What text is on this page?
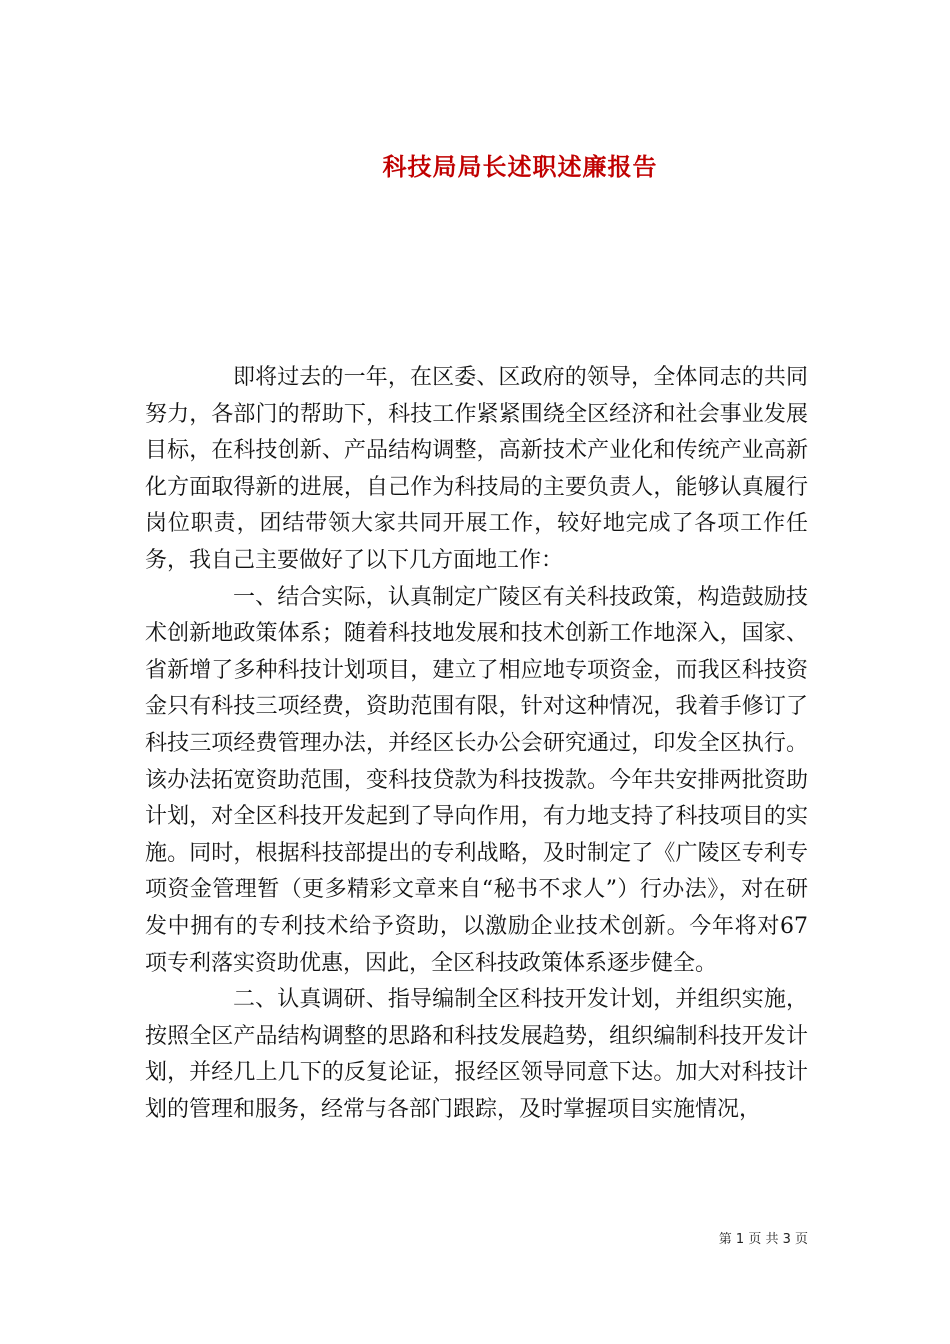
科技局局长述职述廉报告

即将过去的一年，在区委、区政府的领导，全体同志的共同努力，各部门的帮助下，科技工作紧紧围绕全区经济和社会事业发展目标，在科技创新、产品结构调整，高新技术产业化和传统产业高新化方面取得新的进展，自己作为科技局的主要负责人，能够认真履行岗位职责，团结带领大家共同开展工作，较好地完成了各项工作任务，我自己主要做好了以下几方面地工作：

一、结合实际，认真制定广陵区有关科技政策，构造鼓励技术创新地政策体系；随着科技地发展和技术创新工作地深入，国家、省新增了多种科技计划项目，建立了相应地专项资金，而我区科技资金只有科技三项经费，资助范围有限，针对这种情况，我着手修订了科技三项经费管理办法，并经区长办公会研究通过，印发全区执行。该办法拓宽资助范围，变科技贷款为科技拨款。今年共安排两批资助计划，对全区科技开发起到了导向作用，有力地支持了科技项目的实施。同时，根据科技部提出的专利战略，及时制定了《广陵区专利专项资金管理暂（更多精彩文章来自“秘书不求人”）行办法》，对在研发中拥有的专利技术给予资助，以激励企业技术创新。今年将对67项专利落实资助优惠，因此，全区科技政策体系逐步健全。

二、认真调研、指导编制全区科技开发计划，并组织实施，按照全区产品结构调整的思路和科技发展趋势，组织编制科技开发计划，并经几上几下的反复论证，报经区领导同意下达。加大对科技计划的管理和服务，经常与各部门跟踪，及时掌握项目实施情况，

第 1 页 共 3 页
